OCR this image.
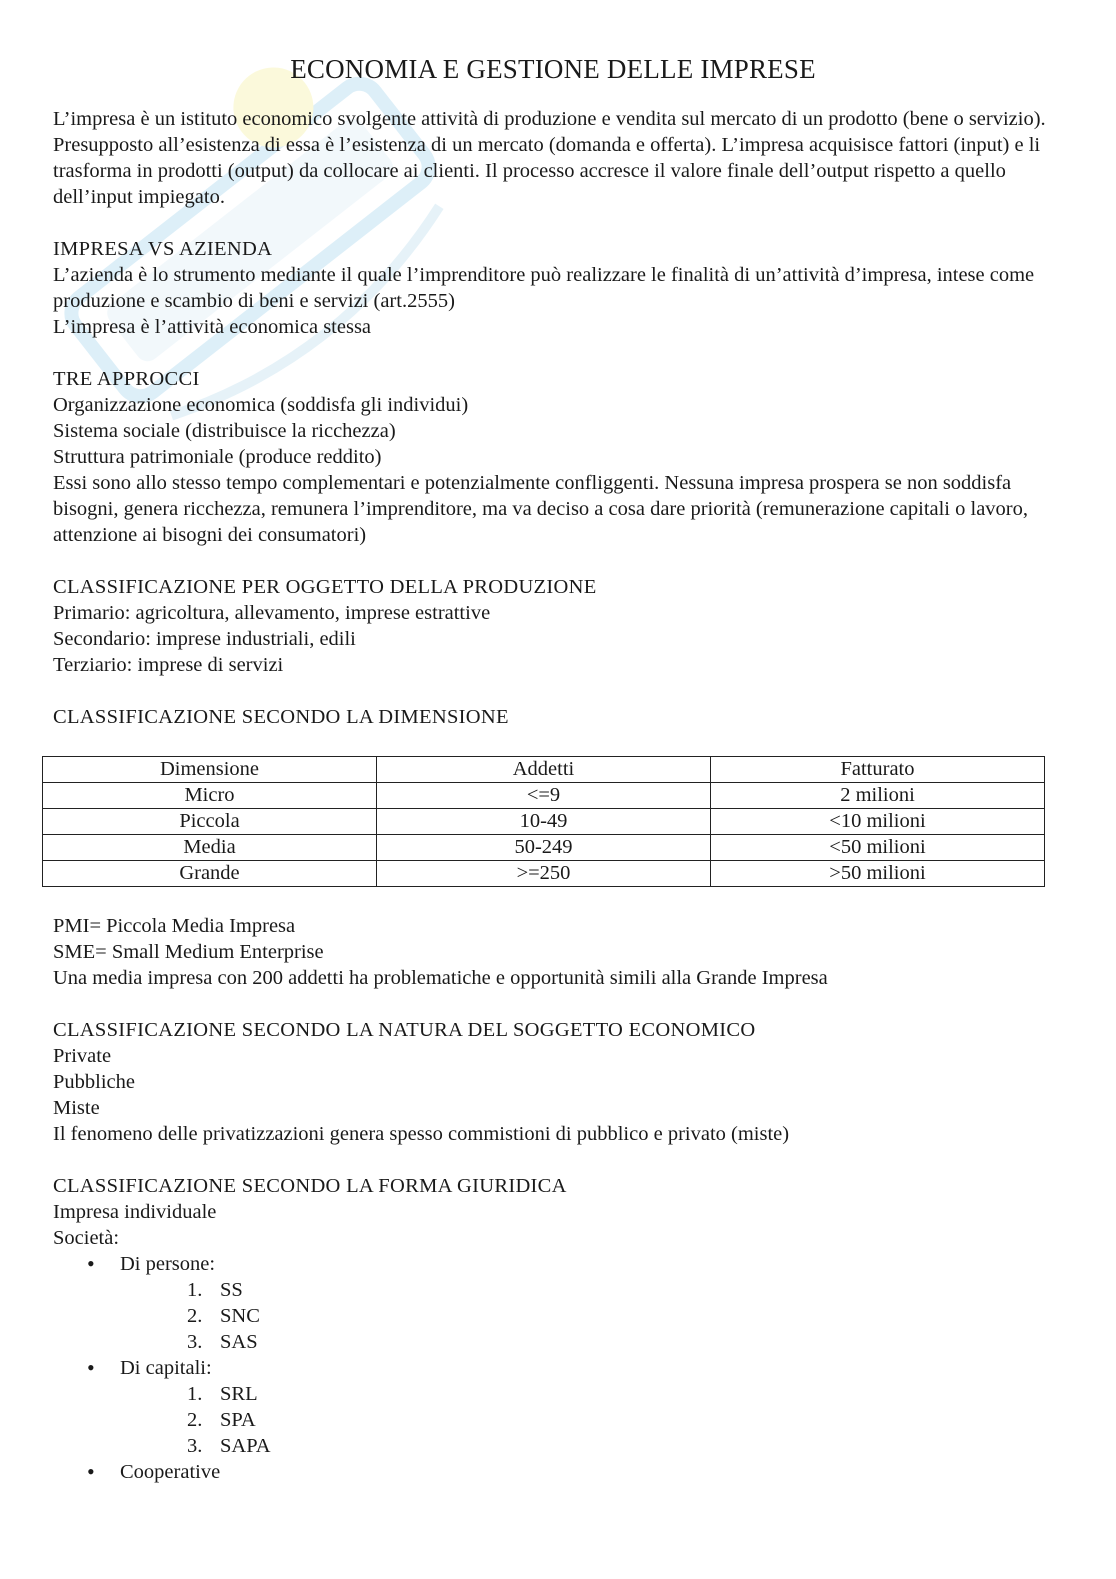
ECONOMIA E GESTIONE DELLE IMPRESE

L’impresa è un istituto economico svolgente attività di produzione e vendita sul mercato di un prodotto (bene o servizio). Presupposto all’esistenza di essa è l’esistenza di un mercato (domanda e offerta). L’impresa acquisisce fattori (input) e li trasforma in prodotti (output) da collocare ai clienti. Il processo accresce il valore finale dell’output rispetto a quello dell’input impiegato.

IMPRESA VS AZIENDA

L’azienda è lo strumento mediante il quale l’imprenditore può realizzare le finalità di un’attività d’impresa, intese come produzione e scambio di beni e servizi (art.2555)

L’impresa è l’attività economica stessa

TRE APPROCCI

Organizzazione economica (soddisfa gli individui)

Sistema sociale (distribuisce la ricchezza)

Struttura patrimoniale (produce reddito)

Essi sono allo stesso tempo complementari e potenzialmente confliggenti. Nessuna impresa prospera se non soddisfa bisogni, genera ricchezza, remunera l’imprenditore, ma va deciso a cosa dare priorità (remunerazione capitali o lavoro, attenzione ai bisogni dei consumatori)

CLASSIFICAZIONE PER OGGETTO DELLA PRODUZIONE

Primario: agricoltura, allevamento, imprese estrattive

Secondario: imprese industriali, edili

Terziario: imprese di servizi

CLASSIFICAZIONE SECONDO LA DIMENSIONE

Dimensione	Addetti	Fatturato
Micro	<=9	2 milioni
Piccola	10-49	<10 milioni
Media	50-249	<50 milioni
Grande	>=250	>50 milioni

PMI= Piccola Media Impresa

SME= Small Medium Enterprise

Una media impresa con 200 addetti ha problematiche e opportunità simili alla Grande Impresa

CLASSIFICAZIONE SECONDO LA NATURA DEL SOGGETTO ECONOMICO

Private

Pubbliche

Miste

Il fenomeno delle privatizzazioni genera spesso commistioni di pubblico e privato (miste)

CLASSIFICAZIONE SECONDO LA FORMA GIURIDICA

Impresa individuale

Società:

• Di persone:
1. SS
2. SNC
3. SAS
• Di capitali:
1. SRL
2. SPA
3. SAPA
• Cooperative
